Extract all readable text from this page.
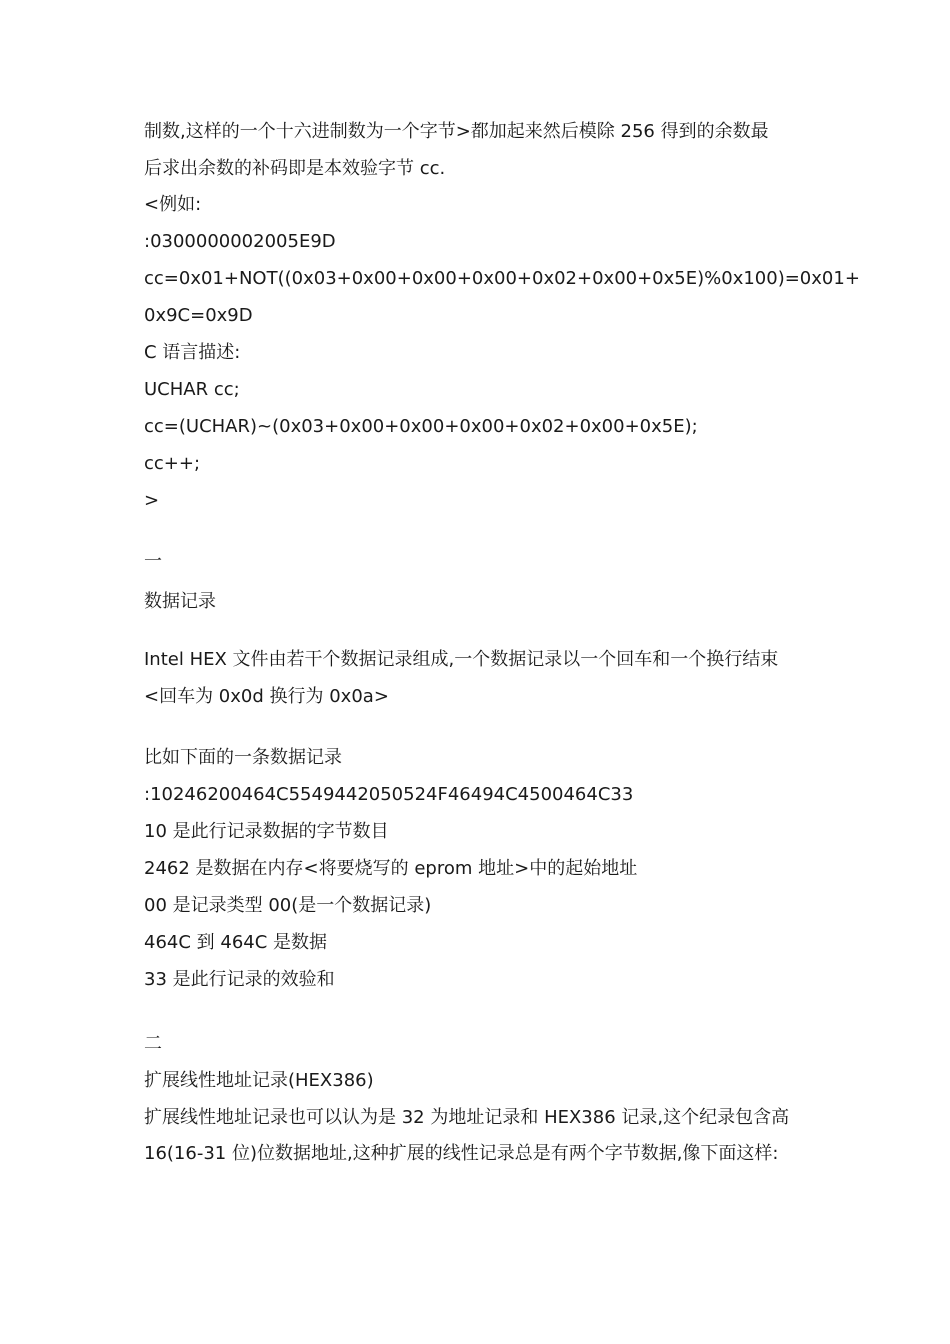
制数,这样的一个十六进制数为一个字节>都加起来然后模除 256 得到的余数最
后求出余数的补码即是本效验字节 cc.
<例如:
:0300000002005E9D
cc=0x01+NOT((0x03+0x00+0x00+0x00+0x02+0x00+0x5E)%0x100)=0x01+
0x9C=0x9D
C 语言描述:
UCHAR cc;
cc=(UCHAR)~(0x03+0x00+0x00+0x00+0x02+0x00+0x5E);
cc++;
>
一
数据记录
Intel HEX 文件由若干个数据记录组成,一个数据记录以一个回车和一个换行结束
<回车为 0x0d 换行为 0x0a>
比如下面的一条数据记录
:10246200464C5549442050524F46494C4500464C33
10 是此行记录数据的字节数目
2462 是数据在内存<将要烧写的 eprom 地址>中的起始地址
00 是记录类型 00(是一个数据记录)
464C 到 464C 是数据
33 是此行记录的效验和
二
扩展线性地址记录(HEX386)
扩展线性地址记录也可以认为是 32 为地址记录和 HEX386 记录,这个纪录包含高
16(16-31 位)位数据地址,这种扩展的线性记录总是有两个字节数据,像下面这样:
